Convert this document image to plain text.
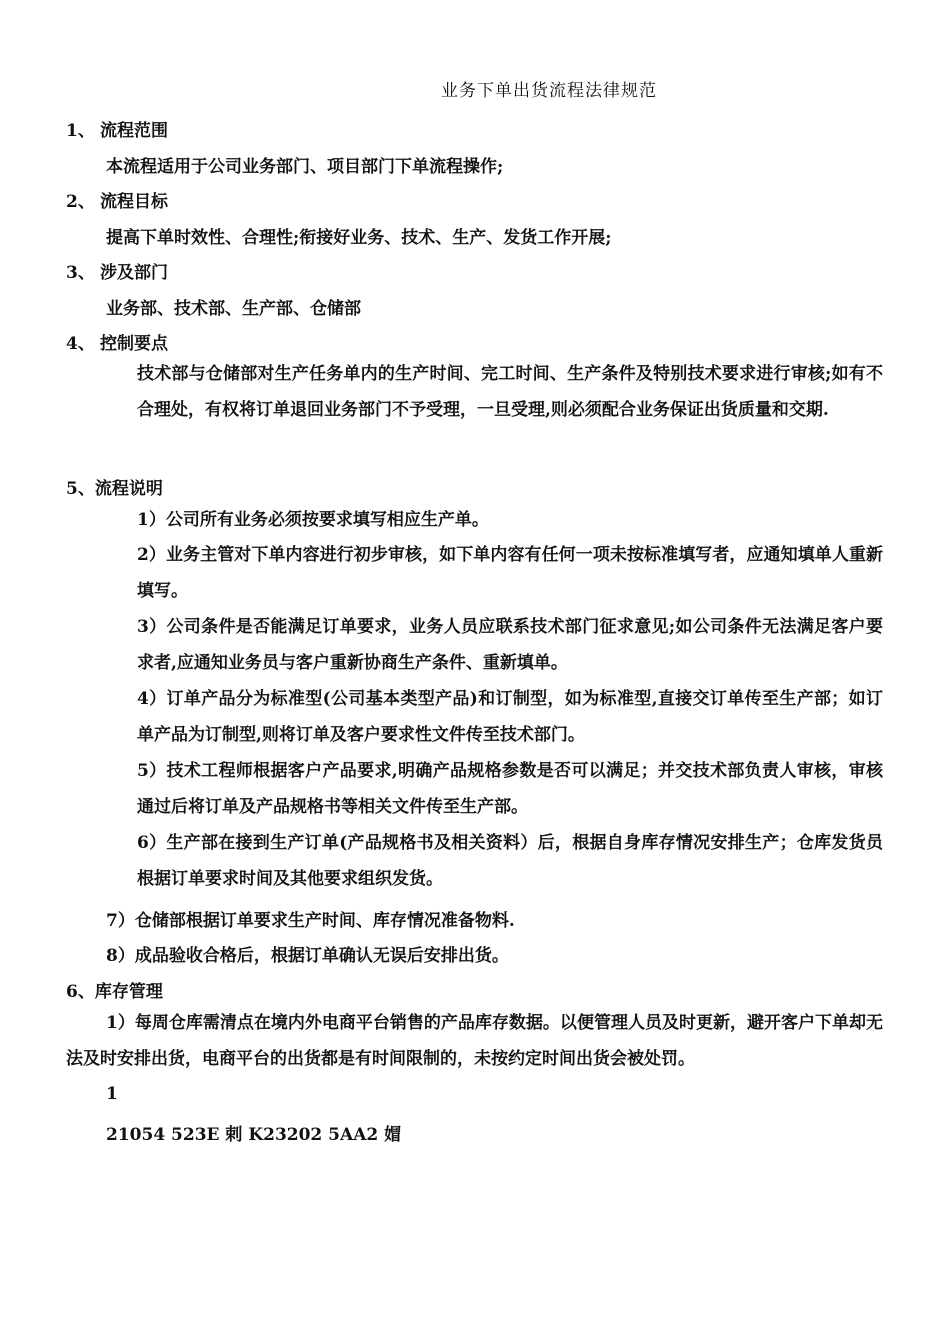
业务下单出货流程法律规范
1、 流程范围
本流程适用于公司业务部门、项目部门下单流程操作;
2、 流程目标
提高下单时效性、合理性;衔接好业务、技术、生产、发货工作开展;
3、 涉及部门
业务部、技术部、生产部、仓储部
4、 控制要点
技术部与仓储部对生产任务单内的生产时间、完工时间、生产条件及特别技术要求进行审核;如有不合理处，有权将订单退回业务部门不予受理，一旦受理,则必须配合业务保证出货质量和交期.
5、流程说明
1）公司所有业务必须按要求填写相应生产单。
2）业务主管对下单内容进行初步审核，如下单内容有任何一项未按标准填写者，应通知填单人重新填写。
3）公司条件是否能满足订单要求，业务人员应联系技术部门征求意见;如公司条件无法满足客户要求者,应通知业务员与客户重新协商生产条件、重新填单。
4）订单产品分为标准型(公司基本类型产品)和订制型，如为标准型,直接交订单传至生产部；如订单产品为订制型,则将订单及客户要求性文件传至技术部门。
5）技术工程师根据客户产品要求,明确产品规格参数是否可以满足；并交技术部负责人审核，审核通过后将订单及产品规格书等相关文件传至生产部。
6）生产部在接到生产订单(产品规格书及相关资料）后，根据自身库存情况安排生产；仓库发货员根据订单要求时间及其他要求组织发货。
7）仓储部根据订单要求生产时间、库存情况准备物料.
8）成品验收合格后，根据订单确认无误后安排出货。
6、库存管理
1）每周仓库需清点在境内外电商平台销售的产品库存数据。以便管理人员及时更新，避开客户下单却无法及时安排出货，电商平台的出货都是有时间限制的，未按约定时间出货会被处罚。
1
21054 523E 剌 K23202 5AA2 媢
